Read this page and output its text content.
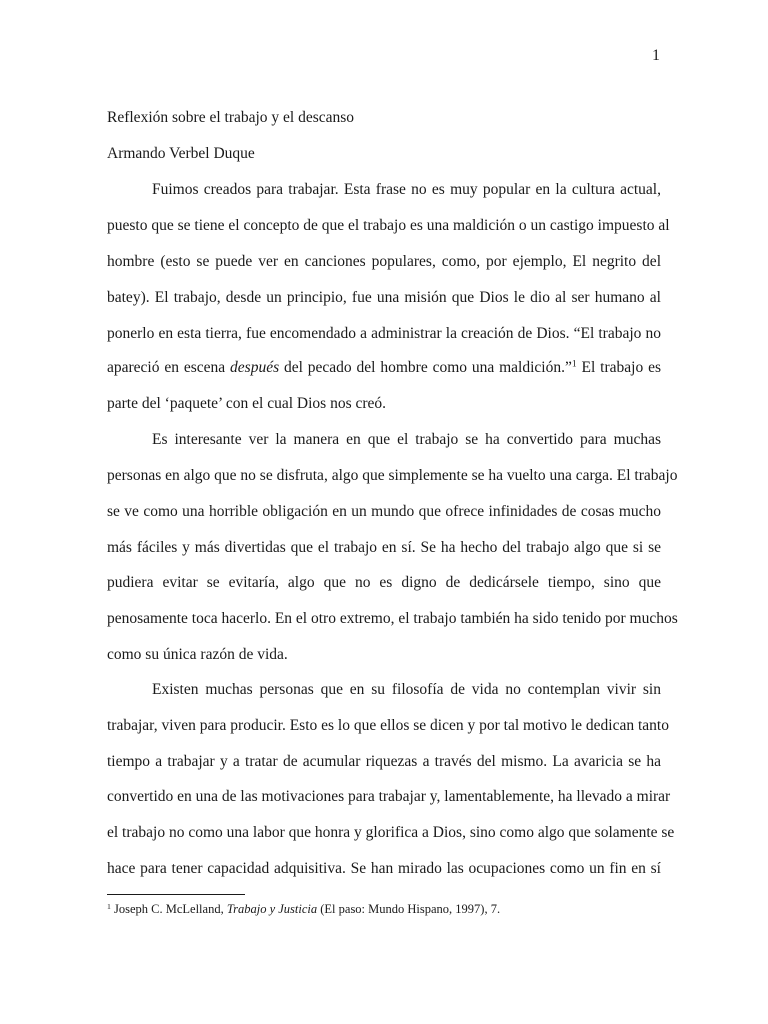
1
Reflexión sobre el trabajo y el descanso
Armando Verbel Duque
Fuimos creados para trabajar. Esta frase no es muy popular en la cultura actual,
puesto que se tiene el concepto de que el trabajo es una maldición o un castigo impuesto al
hombre (esto se puede ver en canciones populares, como, por ejemplo, El negrito del
batey). El trabajo, desde un principio, fue una misión que Dios le dio al ser humano al
ponerlo en esta tierra, fue encomendado a administrar la creación de Dios. “El trabajo no
apareció en escena después del pecado del hombre como una maldición.”$^1$ El trabajo es
parte del ‘paquete’ con el cual Dios nos creó.
Es interesante ver la manera en que el trabajo se ha convertido para muchas
personas en algo que no se disfruta, algo que simplemente se ha vuelto una carga. El trabajo
se ve como una horrible obligación en un mundo que ofrece infinidades de cosas mucho
más fáciles y más divertidas que el trabajo en sí. Se ha hecho del trabajo algo que si se
pudiera evitar se evitaría, algo que no es digno de dedicársele tiempo, sino que
penosamente toca hacerlo. En el otro extremo, el trabajo también ha sido tenido por muchos
como su única razón de vida.
Existen muchas personas que en su filosofía de vida no contemplan vivir sin
trabajar, viven para producir. Esto es lo que ellos se dicen y por tal motivo le dedican tanto
tiempo a trabajar y a tratar de acumular riquezas a través del mismo. La avaricia se ha
convertido en una de las motivaciones para trabajar y, lamentablemente, ha llevado a mirar
el trabajo no como una labor que honra y glorifica a Dios, sino como algo que solamente se
hace para tener capacidad adquisitiva. Se han mirado las ocupaciones como un fin en sí
$^1$ Joseph C. McLelland, Trabajo y Justicia (El paso: Mundo Hispano, 1997), 7.
